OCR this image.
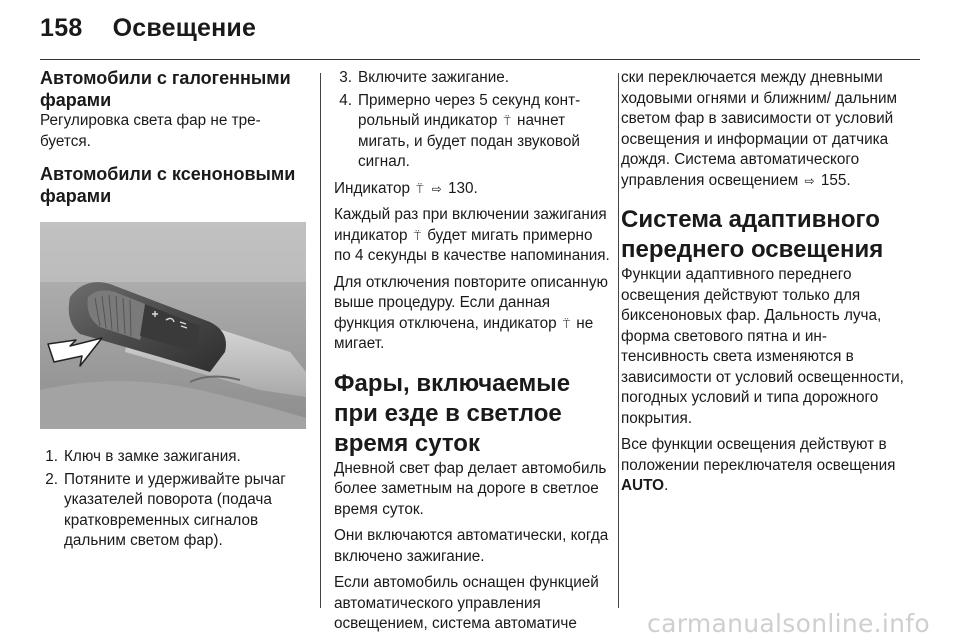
158 Освещение
Автомобили с галогенными фарами

Регулировка света фар не требуется.

Автомобили с ксеноновыми фарами
1. Ключ в замке зажигания.
2. Потяните и удерживайте рычаг указателей поворота (подача кратковременных сигналов дальним светом фар).
3. Включите зажигание.
4. Примерно через 5 секунд контрольный индикатор ⍡ начнет мигать, и будет подан звуковой сигнал.

Индикатор ⍡ ⇨ 130.

Каждый раз при включении зажигания индикатор ⍡ будет мигать примерно по 4 секунды в качестве напоминания.

Для отключения повторите описанную выше процедуру. Если данная функция отключена, индикатор ⍡ не мигает.

Фары, включаемые при езде в светлое время суток

Дневной свет фар делает автомобиль более заметным на дороге в светлое время суток.

Они включаются автоматически, когда включено зажигание.

Если автомобиль оснащен функцией автоматического управления освещением, система автоматиче

ски переключается между дневными ходовыми огнями и ближним/ дальним светом фар в зависимости от условий освещения и информации от датчика дождя. Система автоматического управления освещением ⇨ 155.

Система адаптивного переднего освещения

Функции адаптивного переднего освещения действуют только для биксеноновых фар. Дальность луча, форма светового пятна и интенсивность света изменяются в зависимости от условий освещенности, погодных условий и типа дорожного покрытия.

Все функции освещения действуют в положении переключателя освещения AUTO.

carmanualsonline.info
